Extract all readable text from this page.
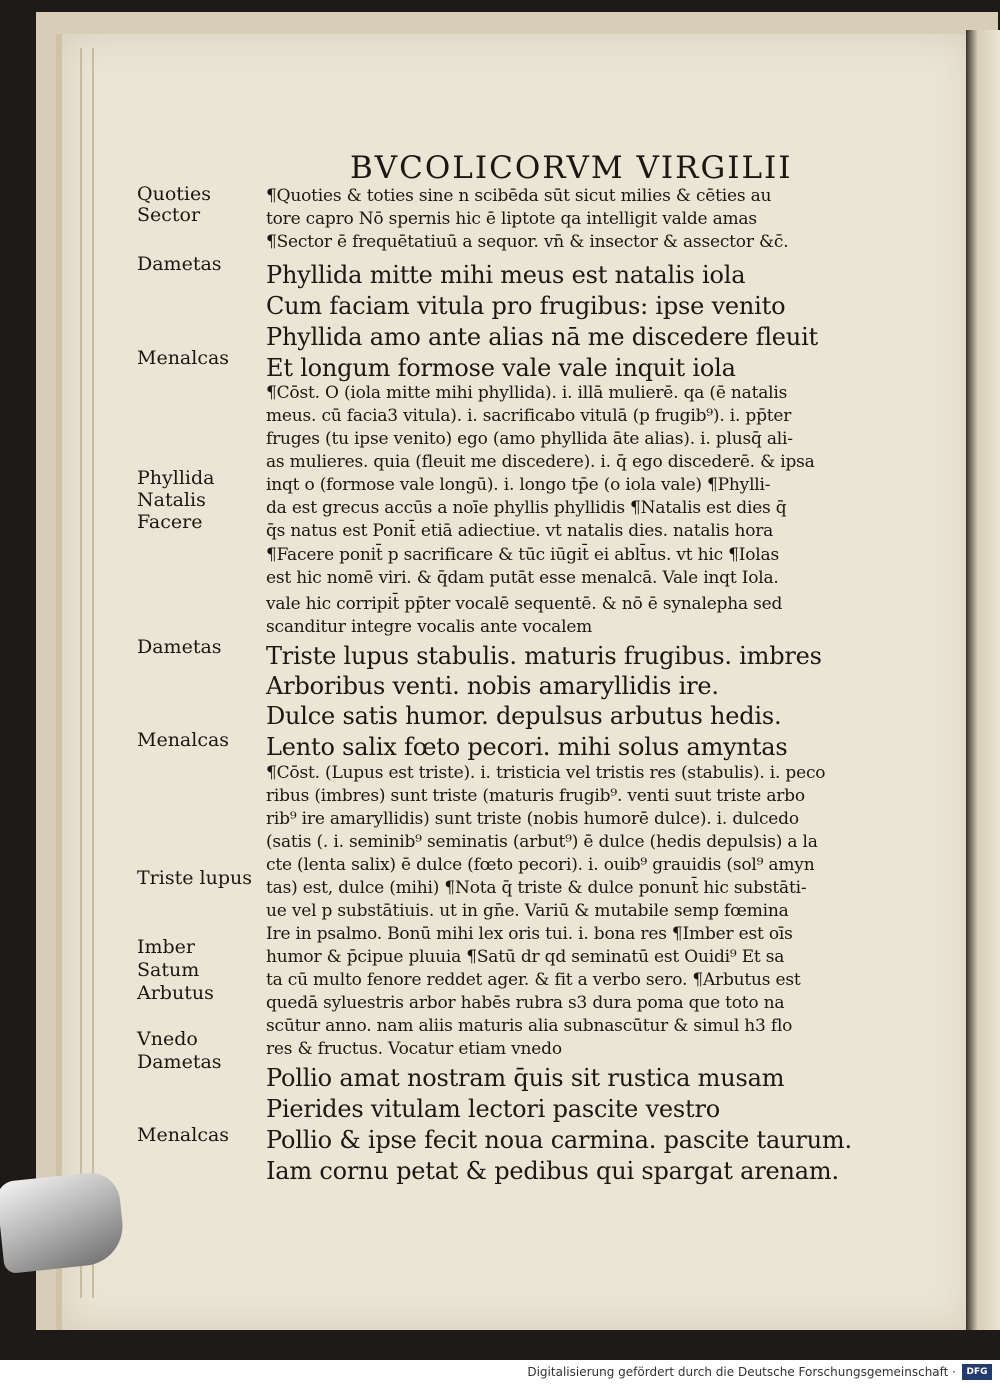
BVCOLICORVM VIRGILII
Quoties
Sector
Dametas
Menalcas
Phyllida
Natalis
Facere
Dametas
Menalcas
Triste lupus
Imber
Satum
Arbutus
Vnedo
Dametas
Menalcas
¶Quoties & toties sine n scibēda sūt sicut milies & cēties au
tore capro Nō spernis hic ē liptote qa intelligit valde amas
¶Sector ē frequētatiuū a sequor. vn̄ & insector & assector &c̄.
Phyllida mitte mihi meus est natalis iola
Cum faciam vitula pro frugibus: ipse venito
Phyllida amo ante alias nā me discedere fleuit
Et longum formose vale vale inquit iola
¶Cōst. O (iola mitte mihi phyllida). i. illā mulierē. qa (ē natalis
meus. cū facia3 vitula). i. sacrificabo vitulā (p frugib⁹). i. pp̄ter
fruges (tu ipse venito) ego (amo phyllida āte alias). i. plusq̄ ali-
as mulieres. quia (fleuit me discedere). i. q̄ ego discederē. & ipsa
inqt o (formose vale longū). i. longo tp̄e (o iola vale) ¶Phylli-
da est grecus accūs a noīe phyllis phyllidis ¶Natalis est dies q̄
q̄s natus est Ponit̄ etiā adiectiue. vt natalis dies. natalis hora
¶Facere ponit̄ p sacrificare & tūc iūgit̄ ei ablt̄us. vt hic ¶Iolas
est hic nomē viri. & q̄dam putāt esse menalcā. Vale inqt Iola.
vale hic corripit̄ pp̄ter vocalē sequentē. & nō ē synalepha sed
scanditur integre vocalis ante vocalem
Triste lupus stabulis. maturis frugibus. imbres
Arboribus venti. nobis amaryllidis ire.
Dulce satis humor. depulsus arbutus hedis.
Lento salix fœto pecori. mihi solus amyntas
¶Cōst. (Lupus est triste). i. tristicia vel tristis res (stabulis). i. peco
ribus (imbres) sunt triste (maturis frugib⁹. venti suut triste arbo
rib⁹ ire amaryllidis) sunt triste (nobis humorē dulce). i. dulcedo
(satis (. i. seminib⁹ seminatis (arbut⁹) ē dulce (hedis depulsis) a la
cte (lenta salix) ē dulce (fœto pecori). i. ouib⁹ grauidis (sol⁹ amyn
tas) est, dulce (mihi) ¶Nota q̄ triste & dulce ponunt̄ hic substāti-
ue vel p substātiuis. ut in gn̄e. Variū & mutabile semp fœmina
Ire in psalmo. Bonū mihi lex oris tui. i. bona res ¶Imber est oīs
humor & p̄cipue pluuia ¶Satū dr qd seminatū est Ouidi⁹ Et sa
ta cū multo fenore reddet ager. & fit a verbo sero. ¶Arbutus est
quedā syluestris arbor habēs rubra s3 dura poma que toto na
scūtur anno. nam aliis maturis alia subnascūtur & simul h3 flo
res & fructus. Vocatur etiam vnedo
Pollio amat nostram q̄uis sit rustica musam
Pierides vitulam lectori pascite vestro
Pollio & ipse fecit noua carmina. pascite taurum.
Iam cornu petat & pedibus qui spargat arenam.
Digitalisierung gefördert durch die Deutsche Forschungsgemeinschaft ·	DFG
